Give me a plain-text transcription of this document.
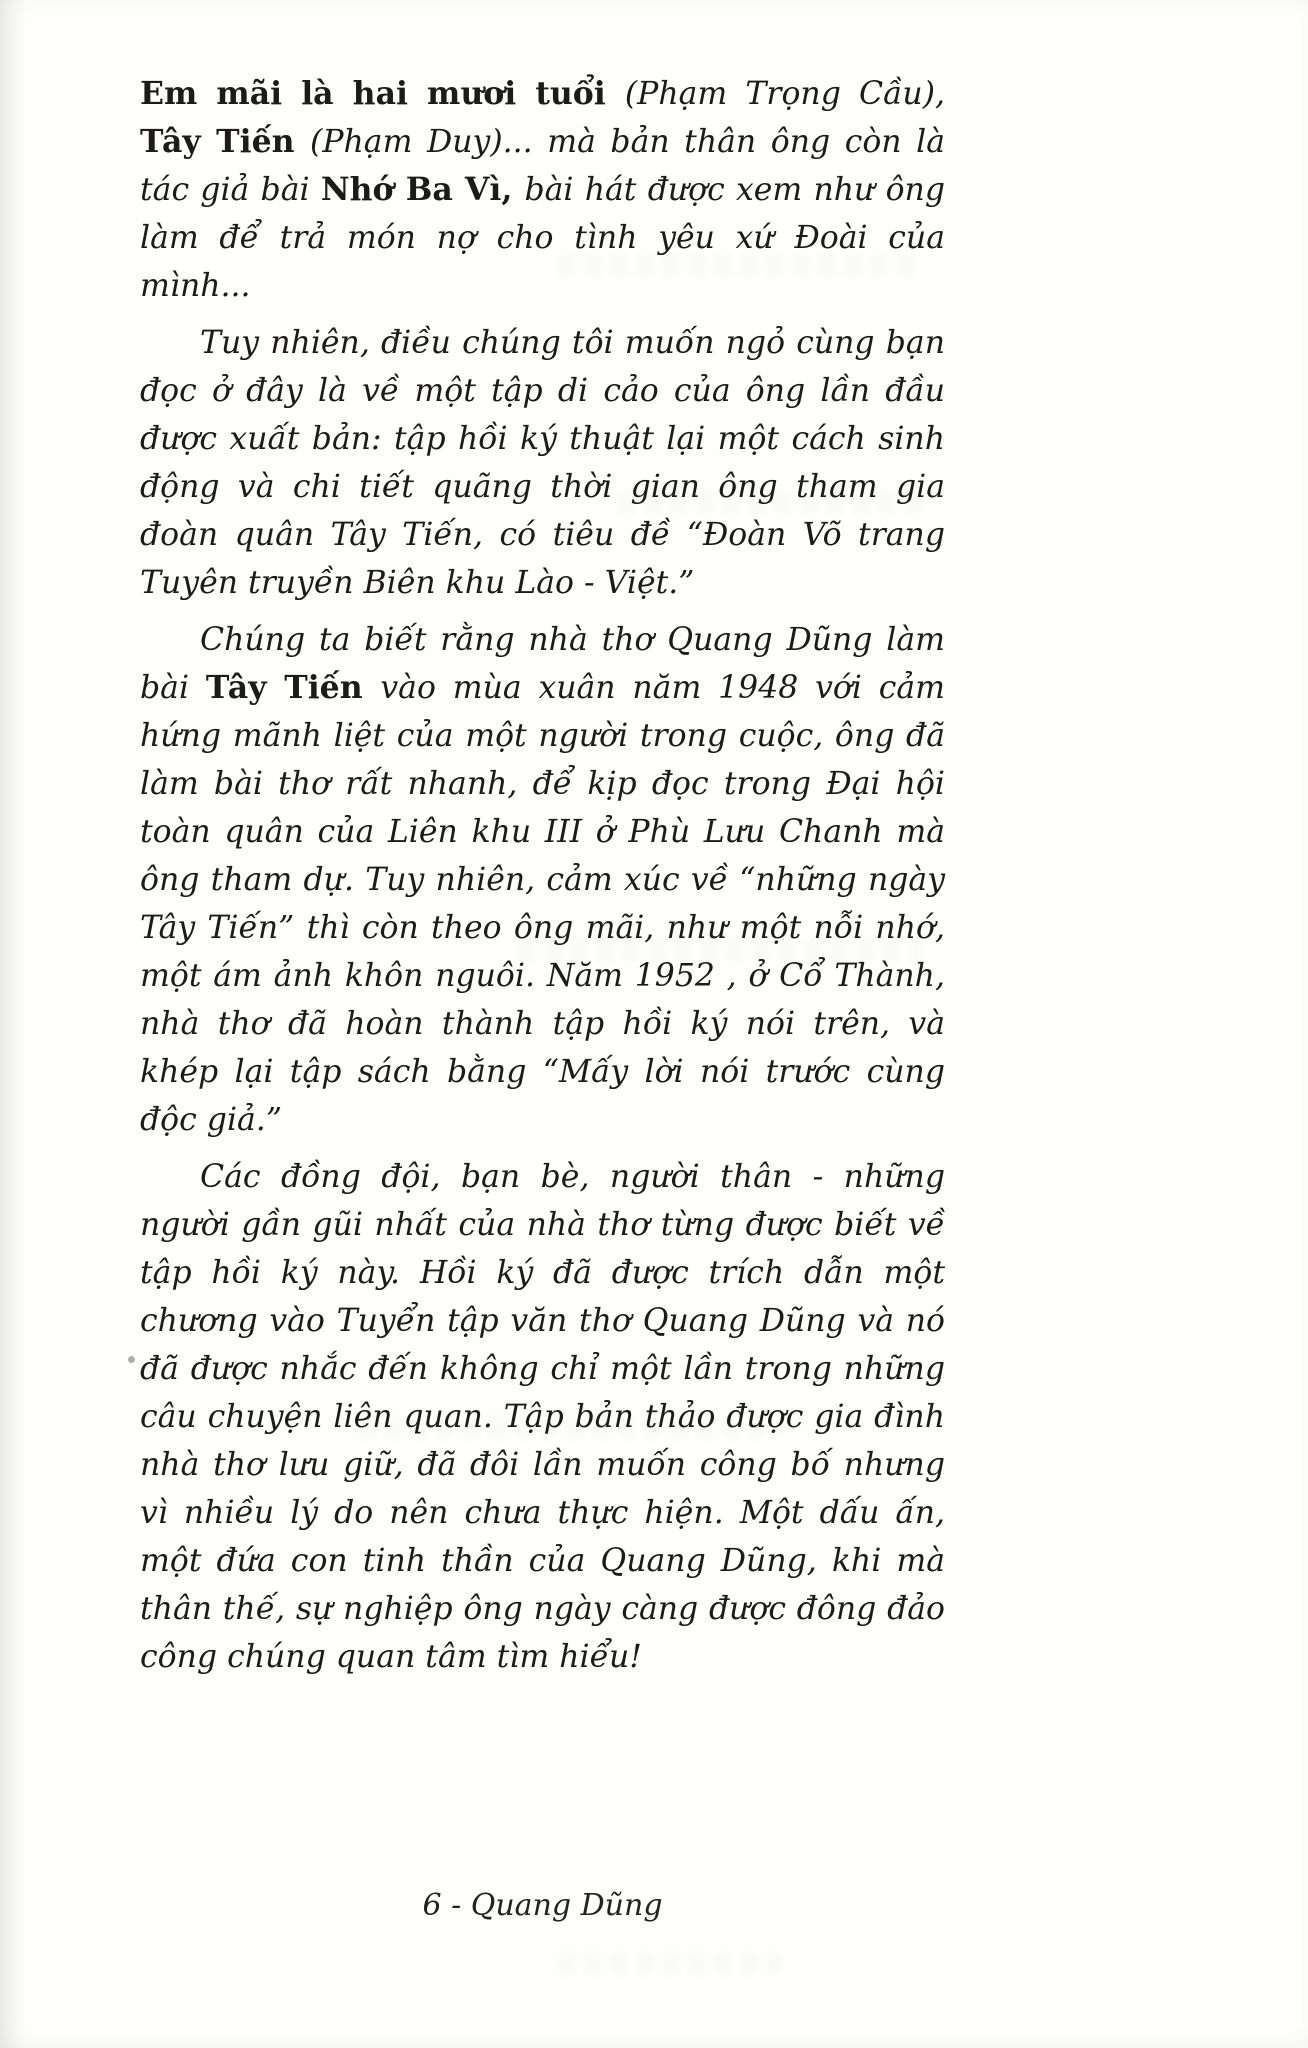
Em mãi là hai mươi tuổi (Phạm Trọng Cầu), Tây Tiến (Phạm Duy)... mà bản thân ông còn là tác giả bài Nhớ Ba Vì, bài hát được xem như ông làm để trả món nợ cho tình yêu xứ Đoài của mình...

Tuy nhiên, điều chúng tôi muốn ngỏ cùng bạn đọc ở đây là về một tập di cảo của ông lần đầu được xuất bản: tập hồi ký thuật lại một cách sinh động và chi tiết quãng thời gian ông tham gia đoàn quân Tây Tiến, có tiêu đề “Đoàn Võ trang Tuyên truyền Biên khu Lào - Việt.”

Chúng ta biết rằng nhà thơ Quang Dũng làm bài Tây Tiến vào mùa xuân năm 1948 với cảm hứng mãnh liệt của một người trong cuộc, ông đã làm bài thơ rất nhanh, để kịp đọc trong Đại hội toàn quân của Liên khu III ở Phù Lưu Chanh mà ông tham dự. Tuy nhiên, cảm xúc về “những ngày Tây Tiến” thì còn theo ông mãi, như một nỗi nhớ, một ám ảnh khôn nguôi. Năm 1952 , ở Cổ Thành, nhà thơ đã hoàn thành tập hồi ký nói trên, và khép lại tập sách bằng “Mấy lời nói trước cùng độc giả.”

Các đồng đội, bạn bè, người thân - những người gần gũi nhất của nhà thơ từng được biết về tập hồi ký này. Hồi ký đã được trích dẫn một chương vào Tuyển tập văn thơ Quang Dũng và nó đã được nhắc đến không chỉ một lần trong những câu chuyện liên quan. Tập bản thảo được gia đình nhà thơ lưu giữ, đã đôi lần muốn công bố nhưng vì nhiều lý do nên chưa thực hiện. Một dấu ấn, một đứa con tinh thần của Quang Dũng, khi mà thân thế, sự nghiệp ông ngày càng được đông đảo công chúng quan tâm tìm hiểu!

6 - Quang Dũng
